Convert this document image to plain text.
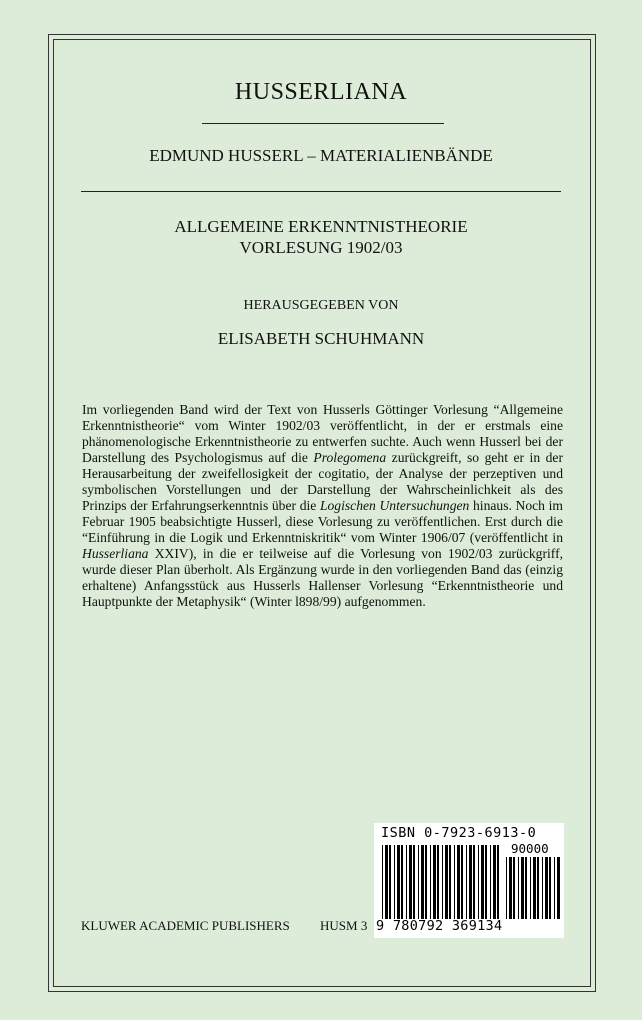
HUSSERLIANA
EDMUND HUSSERL – MATERIALIENBÄNDE
ALLGEMEINE ERKENNTNISTHEORIE
VORLESUNG 1902/03
HERAUSGEGEBEN VON
ELISABETH SCHUHMANN

Im vorliegenden Band wird der Text von Husserls Göttinger Vorlesung “Allgemeine Erkenntnistheorie“ vom Winter 1902/03 veröffentlicht, in der er erstmals eine phänomenologische Erkenntnistheorie zu entwerfen suchte. Auch wenn Husserl bei der Darstellung des Psychologismus auf die Prolegomena zurückgreift, so geht er in der Herausarbeitung der zweifellosigkeit der cogitatio, der Analyse der perzeptiven und symbolischen Vorstellungen und der Darstellung der Wahrscheinlichkeit als des Prinzips der Erfahrungserkenntnis über die Logischen Untersuchungen hinaus. Noch im Februar 1905 beabsichtigte Husserl, diese Vorlesung zu veröffentlichen. Erst durch die “Einführung in die Logik und Erkenntniskritik“ vom Winter 1906/07 (veröffentlicht in Husserliana XXIV), in die er teilweise auf die Vorlesung von 1902/03 zurückgriff, wurde dieser Plan überholt. Als Ergänzung wurde in den vorliegenden Band das (einzig erhaltene) Anfangsstück aus Husserls Hallenser Vorlesung “Erkenntnistheorie und Hauptpunkte der Metaphysik“ (Winter l898/99) aufgenommen.

KLUWER ACADEMIC PUBLISHERS HUSM 3
ISBN 0-7923-6913-0
90000
9 780792 369134
